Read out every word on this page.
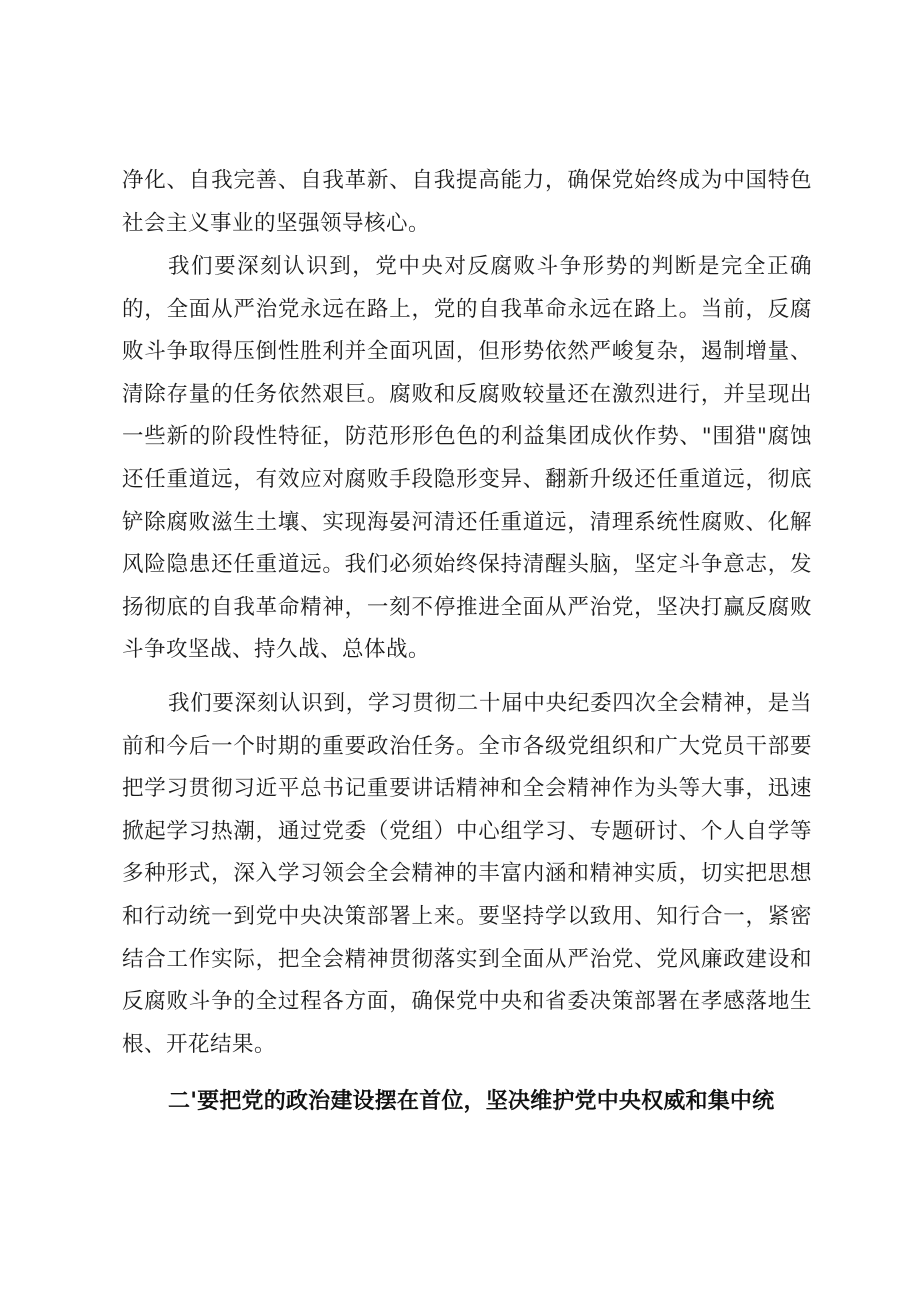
净化、自我完善、自我革新、自我提高能力，确保党始终成为中国特色社会主义事业的坚强领导核心。

我们要深刻认识到，党中央对反腐败斗争形势的判断是完全正确的，全面从严治党永远在路上，党的自我革命永远在路上。当前，反腐败斗争取得压倒性胜利并全面巩固，但形势依然严峻复杂，遏制增量、清除存量的任务依然艰巨。腐败和反腐败较量还在激烈进行，并呈现出一些新的阶段性特征，防范形形色色的利益集团成伙作势、"围猎"腐蚀还任重道远，有效应对腐败手段隐形变异、翻新升级还任重道远，彻底铲除腐败滋生土壤、实现海晏河清还任重道远，清理系统性腐败、化解风险隐患还任重道远。我们必须始终保持清醒头脑，坚定斗争意志，发扬彻底的自我革命精神，一刻不停推进全面从严治党，坚决打赢反腐败斗争攻坚战、持久战、总体战。

我们要深刻认识到，学习贯彻二十届中央纪委四次全会精神，是当前和今后一个时期的重要政治任务。全市各级党组织和广大党员干部要把学习贯彻习近平总书记重要讲话精神和全会精神作为头等大事，迅速掀起学习热潮，通过党委（党组）中心组学习、专题研讨、个人自学等多种形式，深入学习领会全会精神的丰富内涵和精神实质，切实把思想和行动统一到党中央决策部署上来。要坚持学以致用、知行合一，紧密结合工作实际，把全会精神贯彻落实到全面从严治党、党风廉政建设和反腐败斗争的全过程各方面，确保党中央和省委决策部署在孝感落地生根、开花结果。

二'要把党的政治建设摆在首位，坚决维护党中央权威和集中统
